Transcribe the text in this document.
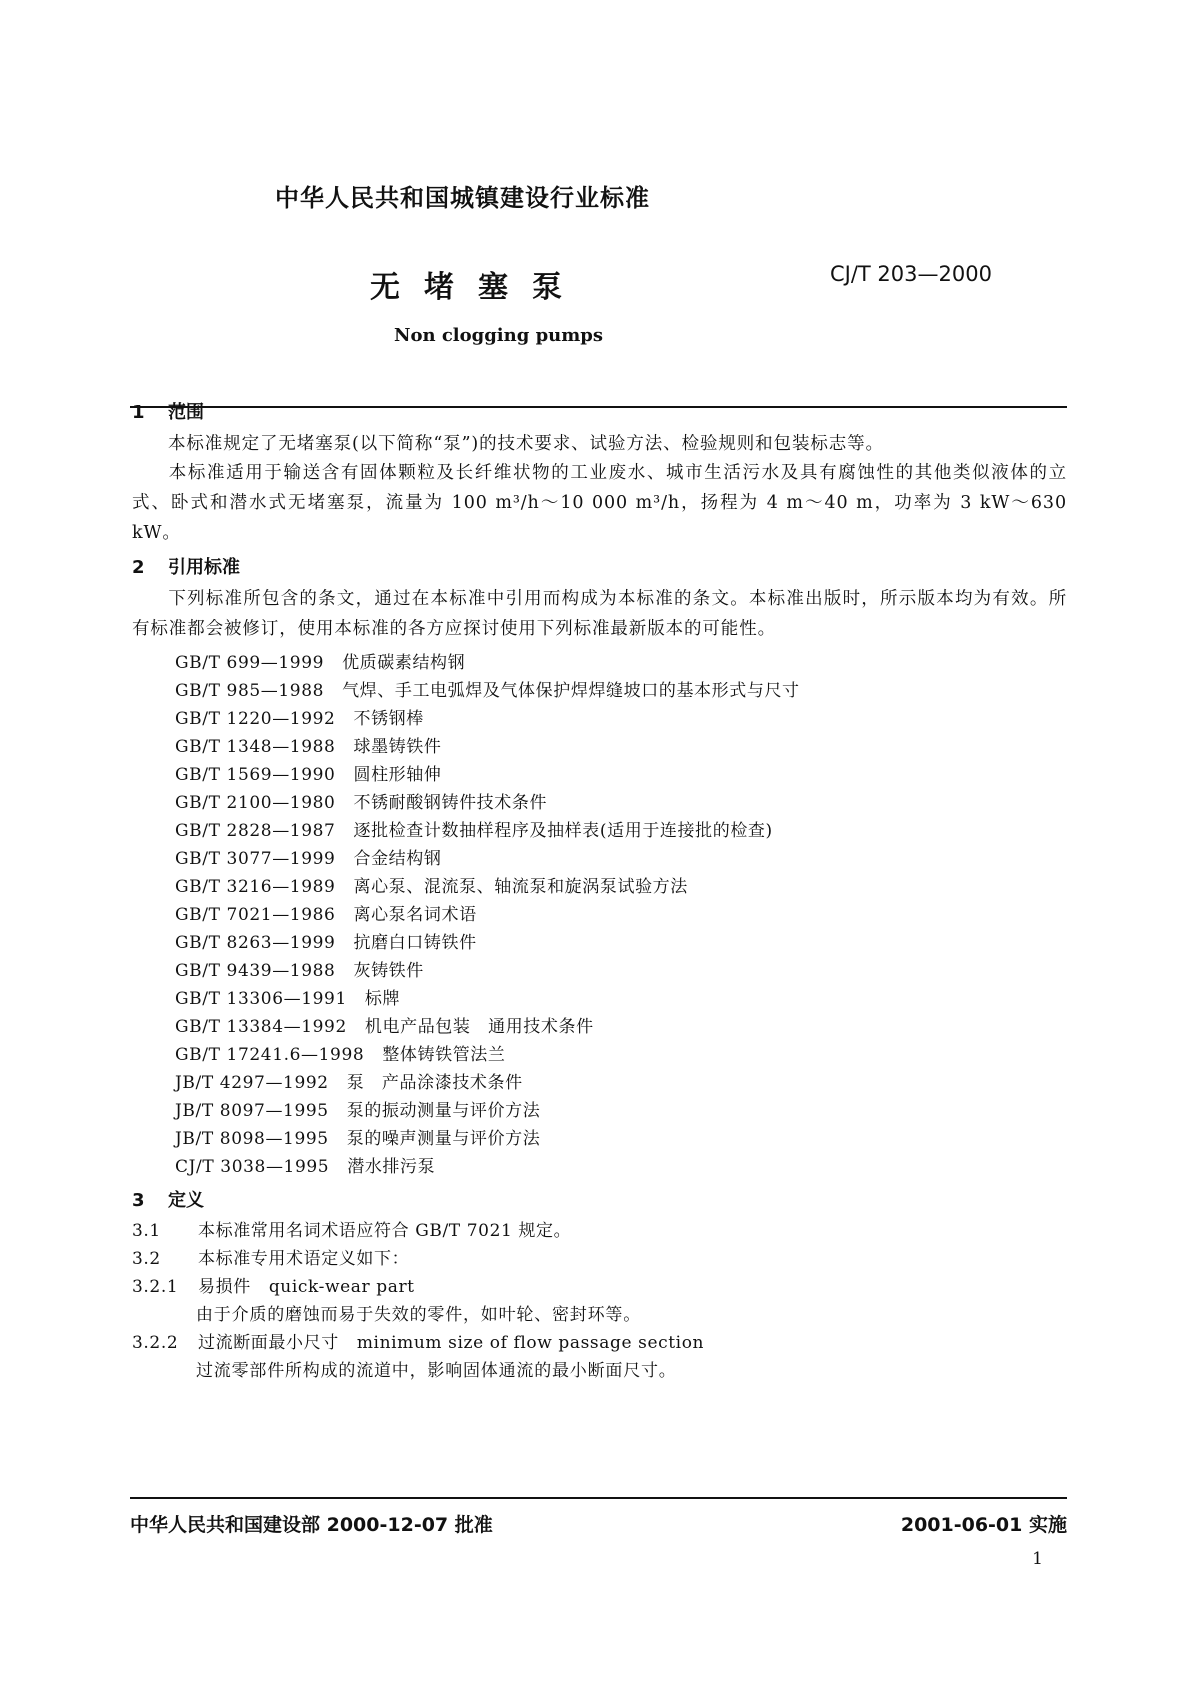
中华人民共和国城镇建设行业标准
无堵塞泵	CJ/T 203—2000
Non clogging pumps
1 范围
本标准规定了无堵塞泵(以下简称“泵”)的技术要求、试验方法、检验规则和包装标志等。
本标准适用于输送含有固体颗粒及长纤维状物的工业废水、城市生活污水及具有腐蚀性的其他类似液体的立式、卧式和潜水式无堵塞泵，流量为 100 m³/h～10 000 m³/h，扬程为 4 m～40 m，功率为 3 kW～630 kW。
2 引用标准
下列标准所包含的条文，通过在本标准中引用而构成为本标准的条文。本标准出版时，所示版本均为有效。所有标准都会被修订，使用本标准的各方应探讨使用下列标准最新版本的可能性。
GB/T 699—1999 优质碳素结构钢
GB/T 985—1988 气焊、手工电弧焊及气体保护焊焊缝坡口的基本形式与尺寸
GB/T 1220—1992 不锈钢棒
GB/T 1348—1988 球墨铸铁件
GB/T 1569—1990 圆柱形轴伸
GB/T 2100—1980 不锈耐酸钢铸件技术条件
GB/T 2828—1987 逐批检查计数抽样程序及抽样表(适用于连接批的检查)
GB/T 3077—1999 合金结构钢
GB/T 3216—1989 离心泵、混流泵、轴流泵和旋涡泵试验方法
GB/T 7021—1986 离心泵名词术语
GB/T 8263—1999 抗磨白口铸铁件
GB/T 9439—1988 灰铸铁件
GB/T 13306—1991 标牌
GB/T 13384—1992 机电产品包装　通用技术条件
GB/T 17241.6—1998 整体铸铁管法兰
JB/T 4297—1992 泵　产品涂漆技术条件
JB/T 8097—1995 泵的振动测量与评价方法
JB/T 8098—1995 泵的噪声测量与评价方法
CJ/T 3038—1995 潜水排污泵
3 定义
3.1 本标准常用名词术语应符合 GB/T 7021 规定。
3.2 本标准专用术语定义如下：
3.2.1 易损件 quick-wear part
由于介质的磨蚀而易于失效的零件，如叶轮、密封环等。
3.2.2 过流断面最小尺寸 minimum size of flow passage section
过流零部件所构成的流道中，影响固体通流的最小断面尺寸。
中华人民共和国建设部 2000-12-07 批准	2001-06-01 实施
1
